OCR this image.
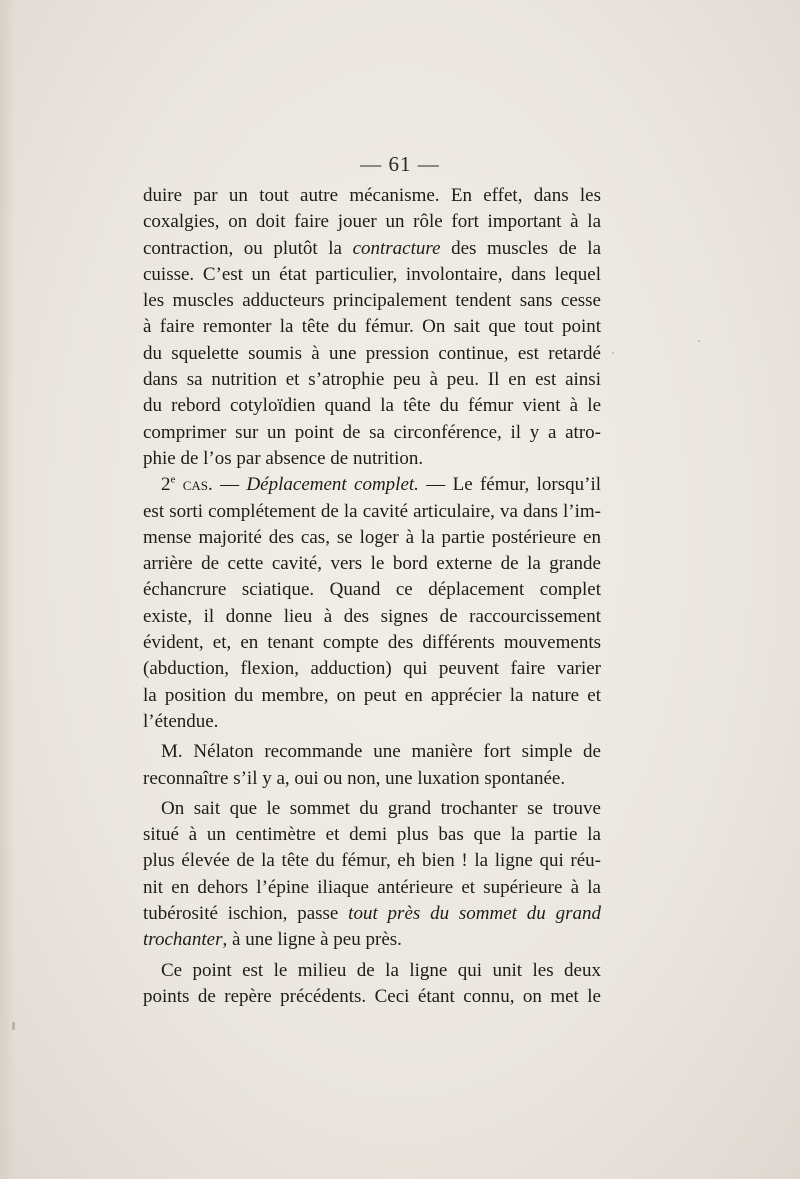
— 61 —
duire par un tout autre mécanisme. En effet, dans les
coxalgies, on doit faire jouer un rôle fort important à la
contraction, ou plutôt la contracture des muscles de la
cuisse. C’est un état particulier, involontaire, dans lequel
les muscles adducteurs principalement tendent sans cesse
à faire remonter la tête du fémur. On sait que tout point
du squelette soumis à une pression continue, est retardé
dans sa nutrition et s’atrophie peu à peu. Il en est ainsi
du rebord cotyloïdien quand la tête du fémur vient à le
comprimer sur un point de sa circonférence, il y a atro-
phie de l’os par absence de nutrition.
2e cas. — Déplacement complet. — Le fémur, lorsqu’il
est sorti complétement de la cavité articulaire, va dans l’im-
mense majorité des cas, se loger à la partie postérieure en
arrière de cette cavité, vers le bord externe de la grande
échancrure sciatique. Quand ce déplacement complet
existe, il donne lieu à des signes de raccourcissement
évident, et, en tenant compte des différents mouvements
(abduction, flexion, adduction) qui peuvent faire varier
la position du membre, on peut en apprécier la nature et
l’étendue.
M. Nélaton recommande une manière fort simple de
reconnaître s’il y a, oui ou non, une luxation spontanée.
On sait que le sommet du grand trochanter se trouve
situé à un centimètre et demi plus bas que la partie la
plus élevée de la tête du fémur, eh bien ! la ligne qui réu-
nit en dehors l’épine iliaque antérieure et supérieure à la
tubérosité ischion, passe tout près du sommet du grand
trochanter, à une ligne à peu près.
Ce point est le milieu de la ligne qui unit les deux
points de repère précédents. Ceci étant connu, on met le
